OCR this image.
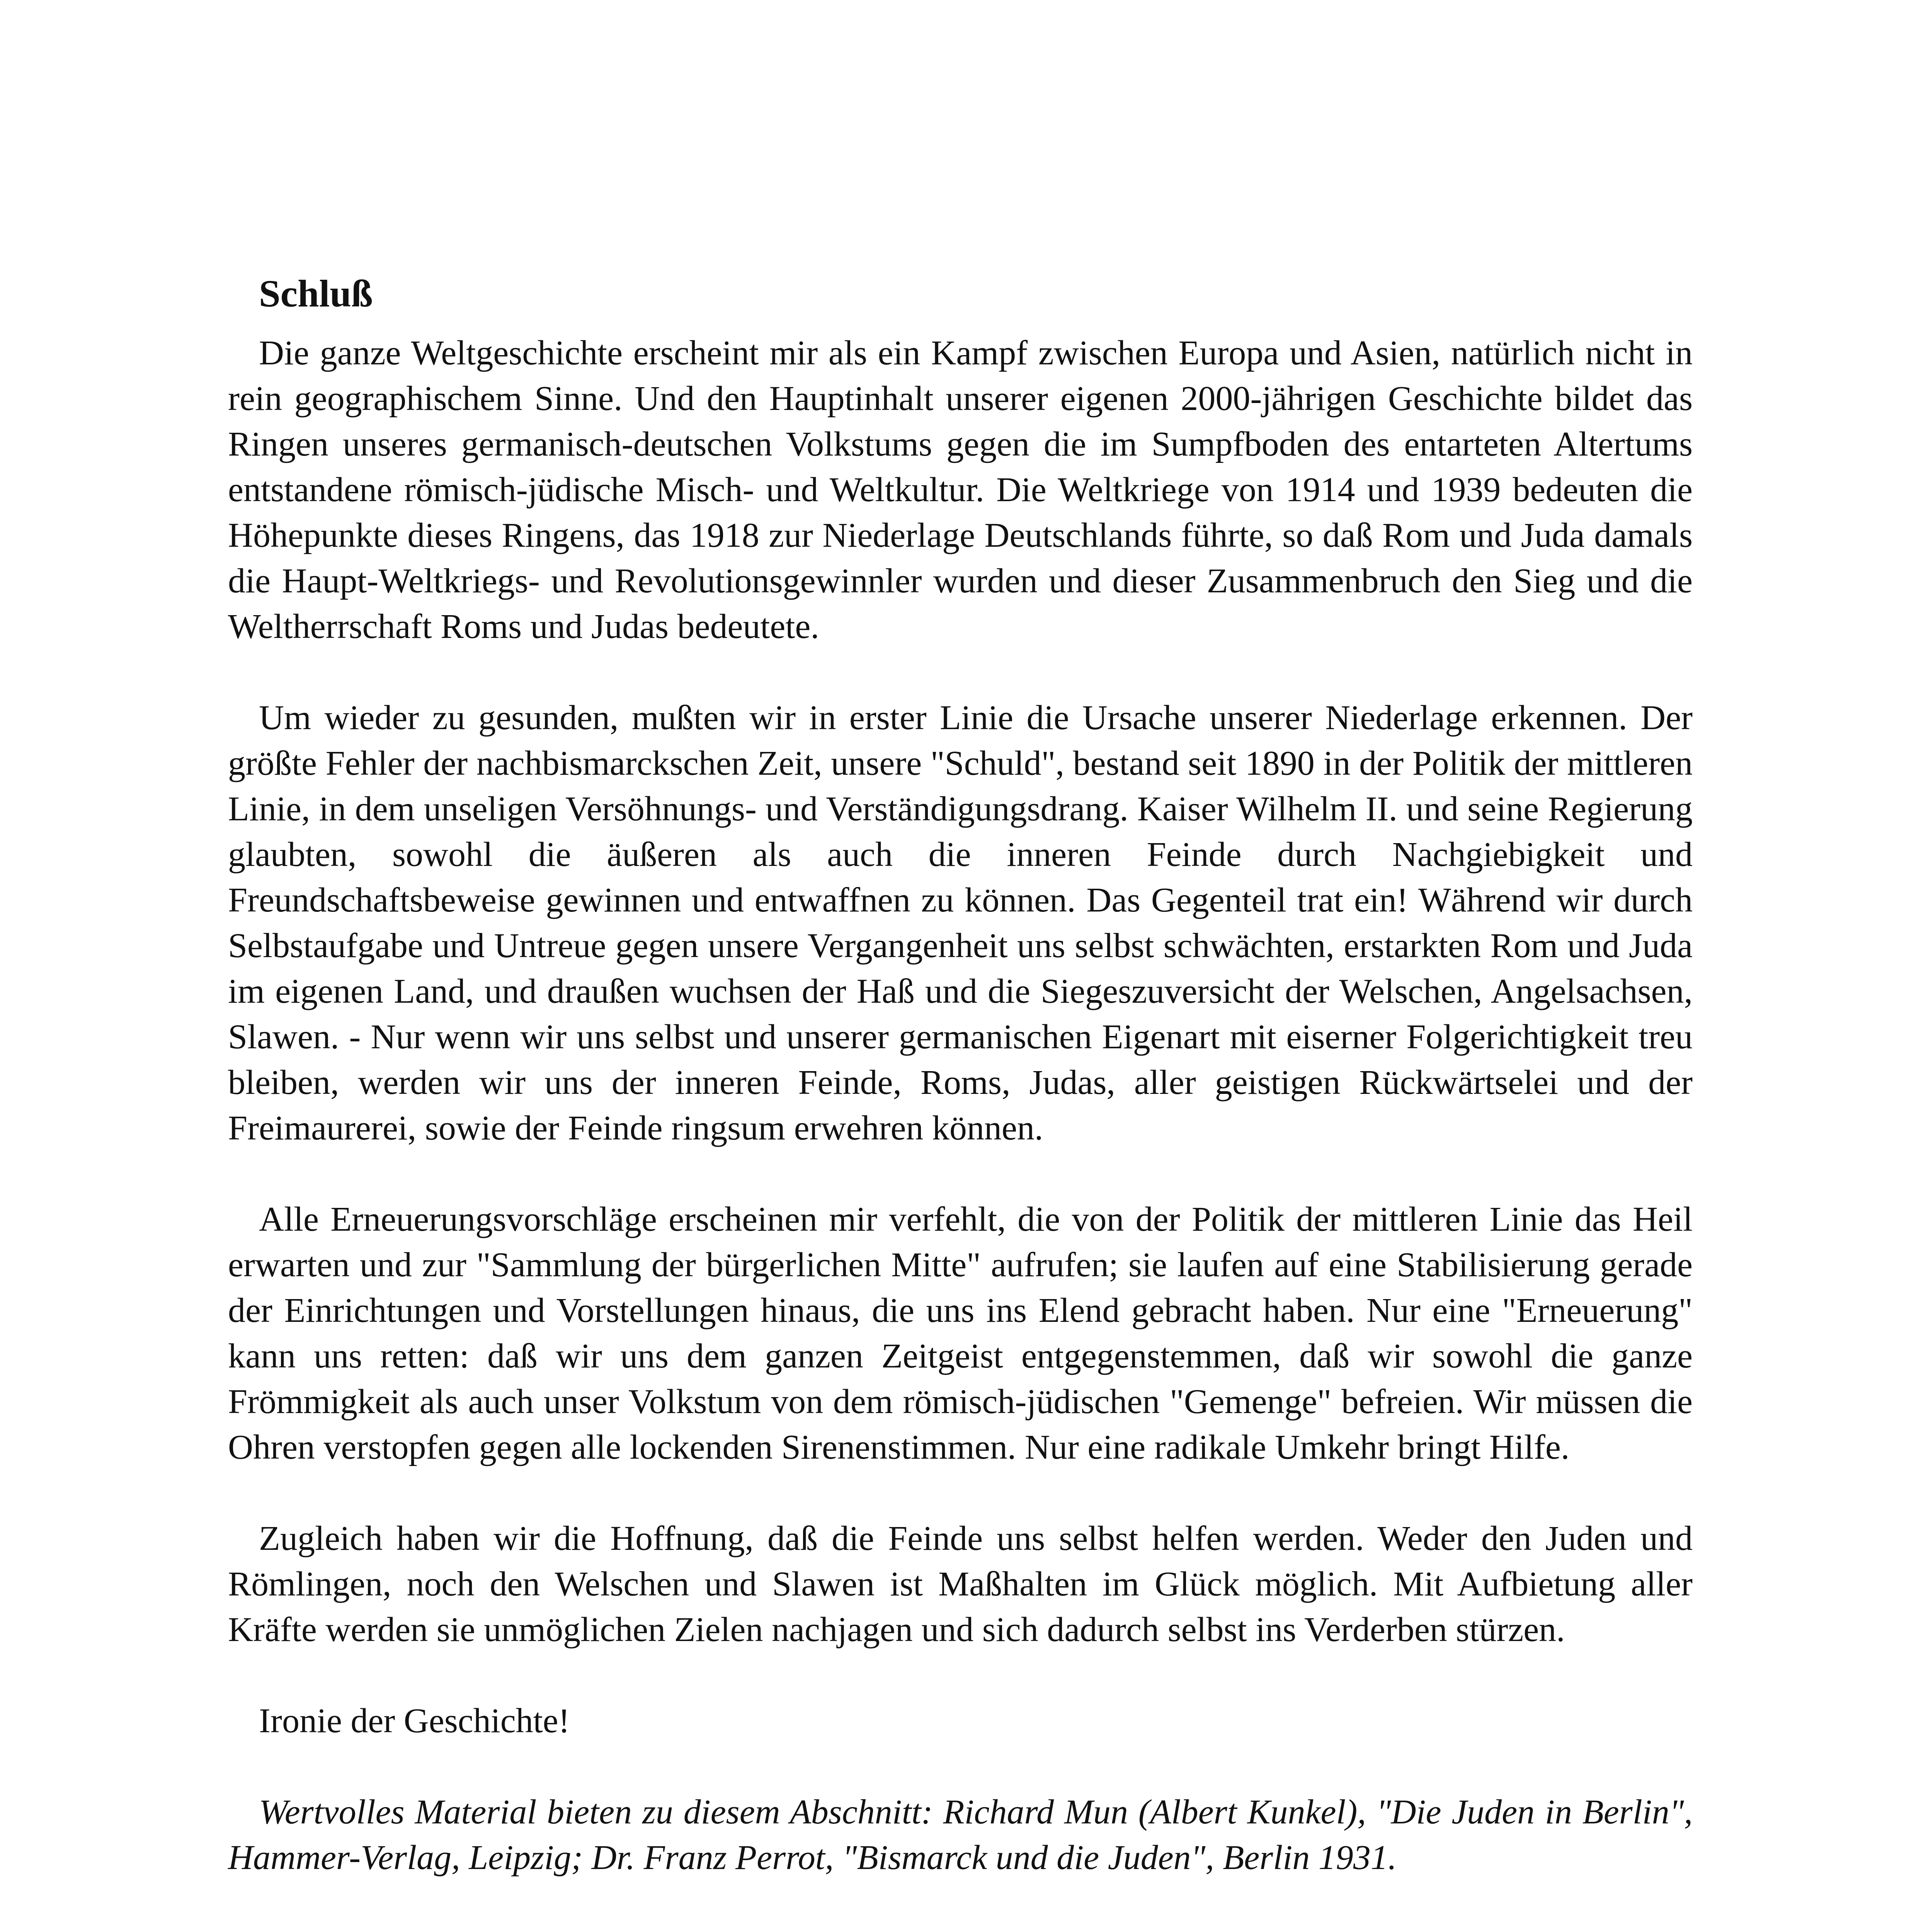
Schluß

Die ganze Weltgeschichte erscheint mir als ein Kampf zwischen Europa und Asien, natürlich nicht in rein geographischem Sinne. Und den Hauptinhalt unserer eigenen 2000-jährigen Geschichte bildet das Ringen unseres germanisch-deutschen Volkstums gegen die im Sumpfboden des entarteten Altertums entstandene römisch-jüdische Misch- und Weltkultur. Die Weltkriege von 1914 und 1939 bedeuten die Höhepunkte dieses Ringens, das 1918 zur Niederlage Deutschlands führte, so daß Rom und Juda damals die Haupt-Weltkriegs- und Revolutionsgewinnler wurden und dieser Zusammenbruch den Sieg und die Weltherrschaft Roms und Judas bedeutete.

Um wieder zu gesunden, mußten wir in erster Linie die Ursache unserer Niederlage erkennen. Der größte Fehler der nachbismarckschen Zeit, unsere "Schuld", bestand seit 1890 in der Politik der mittleren Linie, in dem unseligen Versöhnungs- und Verständigungsdrang. Kaiser Wilhelm II. und seine Regierung glaubten, sowohl die äußeren als auch die inneren Feinde durch Nachgiebigkeit und Freundschaftsbeweise gewinnen und entwaffnen zu können. Das Gegenteil trat ein! Während wir durch Selbstaufgabe und Untreue gegen unsere Vergangenheit uns selbst schwächten, erstarkten Rom und Juda im eigenen Land, und draußen wuchsen der Haß und die Siegeszuversicht der Welschen, Angelsachsen, Slawen. - Nur wenn wir uns selbst und unserer germanischen Eigenart mit eiserner Folgerichtigkeit treu bleiben, werden wir uns der inneren Feinde, Roms, Judas, aller geistigen Rückwärtselei und der Freimaurerei, sowie der Feinde ringsum erwehren können.

Alle Erneuerungsvorschläge erscheinen mir verfehlt, die von der Politik der mittleren Linie das Heil erwarten und zur "Sammlung der bürgerlichen Mitte" aufrufen; sie laufen auf eine Stabilisierung gerade der Einrichtungen und Vorstellungen hinaus, die uns ins Elend gebracht haben. Nur eine "Erneuerung" kann uns retten: daß wir uns dem ganzen Zeitgeist entgegenstemmen, daß wir sowohl die ganze Frömmigkeit als auch unser Volkstum von dem römisch-jüdischen "Gemenge" befreien. Wir müssen die Ohren verstopfen gegen alle lockenden Sirenenstimmen. Nur eine radikale Umkehr bringt Hilfe.

Zugleich haben wir die Hoffnung, daß die Feinde uns selbst helfen werden. Weder den Juden und Römlingen, noch den Welschen und Slawen ist Maßhalten im Glück möglich. Mit Aufbietung aller Kräfte werden sie unmöglichen Zielen nachjagen und sich dadurch selbst ins Verderben stürzen.

Ironie der Geschichte!

Wertvolles Material bieten zu diesem Abschnitt: Richard Mun (Albert Kunkel), "Die Juden in Berlin", Hammer-Verlag, Leipzig; Dr. Franz Perrot, "Bismarck und die Juden", Berlin 1931.
